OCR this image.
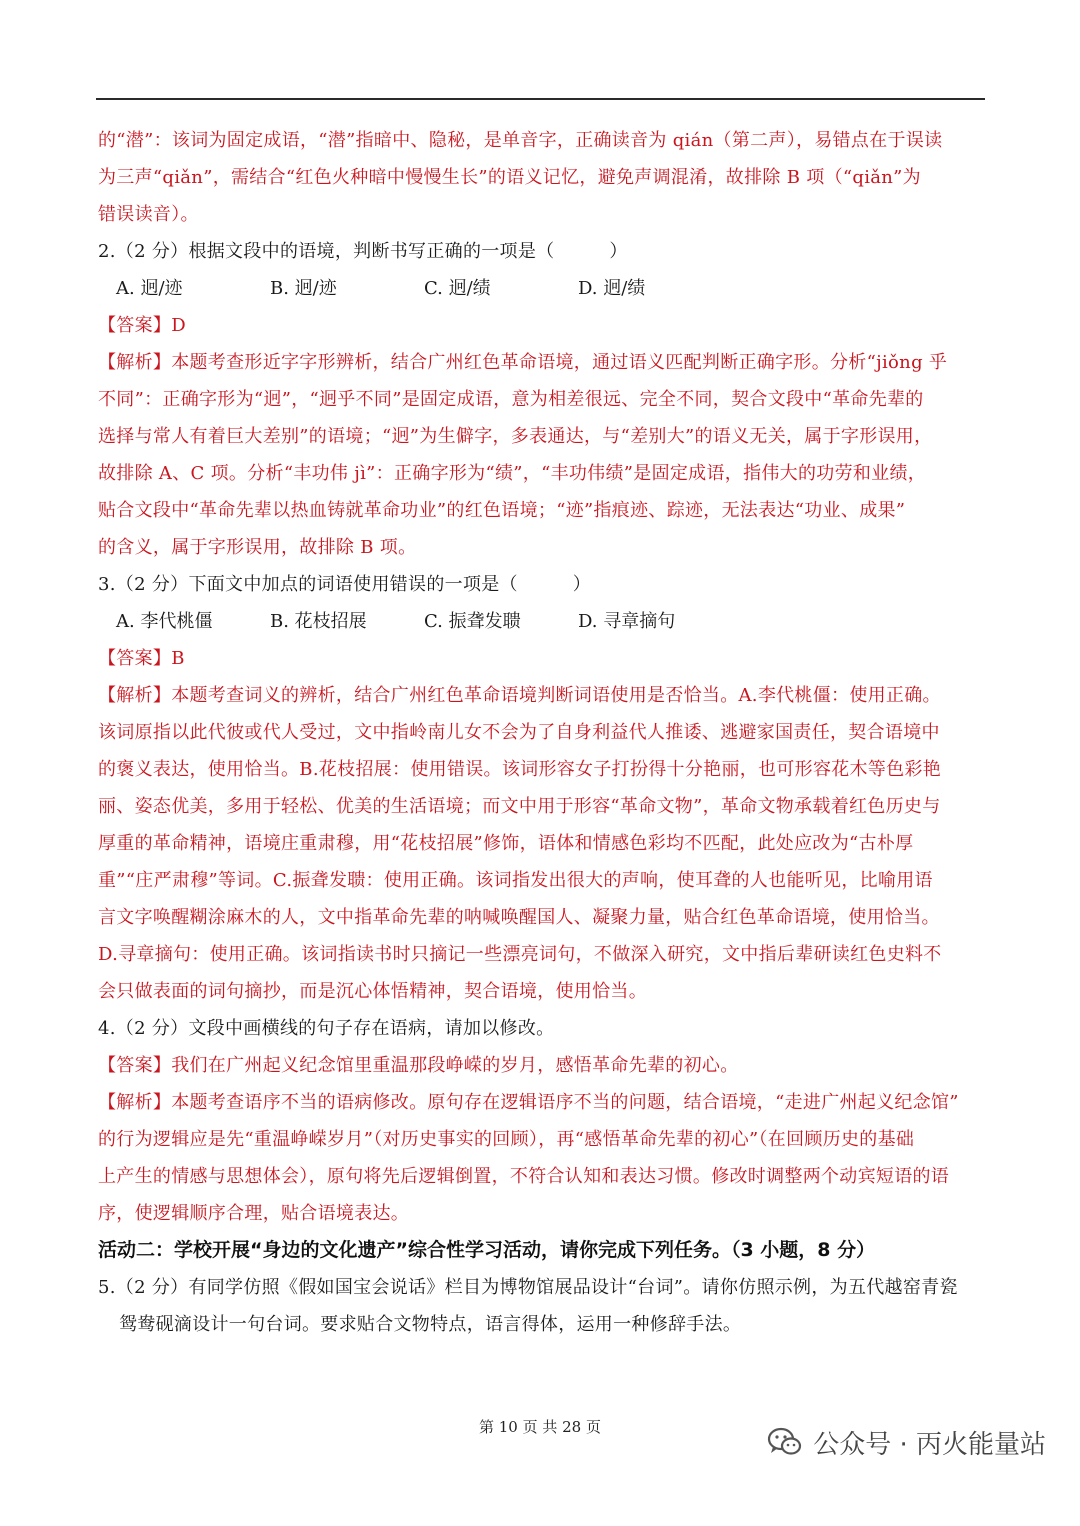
的“潜”：该词为固定成语，“潜”指暗中、隐秘，是单音字，正确读音为 qián（第二声），易错点在于误读
为三声“qiǎn”，需结合“红色火种暗中慢慢生长”的语义记忆，避免声调混淆，故排除 B 项（“qiǎn”为
错误读音）。
2.（2 分）根据文段中的语境，判断书写正确的一项是（　　　）
A. 迥/迹	B. 迥/迹	C. 迥/绩	D. 迥/绩
【答案】D
【解析】本题考查形近字字形辨析，结合广州红色革命语境，通过语义匹配判断正确字形。分析“jiǒng 乎
不同”：正确字形为“迥”，“迥乎不同”是固定成语，意为相差很远、完全不同，契合文段中“革命先辈的
选择与常人有着巨大差别”的语境；“迥”为生僻字，多表通达，与“差别大”的语义无关，属于字形误用，
故排除 A、C 项。分析“丰功伟 jì”：正确字形为“绩”，“丰功伟绩”是固定成语，指伟大的功劳和业绩，
贴合文段中“革命先辈以热血铸就革命功业”的红色语境；“迹”指痕迹、踪迹，无法表达“功业、成果”
的含义，属于字形误用，故排除 B 项。
3.（2 分）下面文中加点的词语使用错误的一项是（　　　）
A. 李代桃僵	B. 花枝招展	C. 振聋发聩	D. 寻章摘句
【答案】B
【解析】本题考查词义的辨析，结合广州红色革命语境判断词语使用是否恰当。A.李代桃僵：使用正确。
该词原指以此代彼或代人受过，文中指岭南儿女不会为了自身利益代人推诿、逃避家国责任，契合语境中
的褒义表达，使用恰当。B.花枝招展：使用错误。该词形容女子打扮得十分艳丽，也可形容花木等色彩艳
丽、姿态优美，多用于轻松、优美的生活语境；而文中用于形容“革命文物”，革命文物承载着红色历史与
厚重的革命精神，语境庄重肃穆，用“花枝招展”修饰，语体和情感色彩均不匹配，此处应改为“古朴厚
重”“庄严肃穆”等词。C.振聋发聩：使用正确。该词指发出很大的声响，使耳聋的人也能听见，比喻用语
言文字唤醒糊涂麻木的人，文中指革命先辈的呐喊唤醒国人、凝聚力量，贴合红色革命语境，使用恰当。
D.寻章摘句：使用正确。该词指读书时只摘记一些漂亮词句，不做深入研究，文中指后辈研读红色史料不
会只做表面的词句摘抄，而是沉心体悟精神，契合语境，使用恰当。
4.（2 分）文段中画横线的句子存在语病，请加以修改。
【答案】我们在广州起义纪念馆里重温那段峥嵘的岁月，感悟革命先辈的初心。
【解析】本题考查语序不当的语病修改。原句存在逻辑语序不当的问题，结合语境，“走进广州起义纪念馆”
的行为逻辑应是先“重温峥嵘岁月”（对历史事实的回顾），再“感悟革命先辈的初心”（在回顾历史的基础
上产生的情感与思想体会），原句将先后逻辑倒置，不符合认知和表达习惯。修改时调整两个动宾短语的语
序，使逻辑顺序合理，贴合语境表达。
活动二：学校开展“身边的文化遗产”综合性学习活动，请你完成下列任务。（3 小题，8 分）
5.（2 分）有同学仿照《假如国宝会说话》栏目为博物馆展品设计“台词”。请你仿照示例，为五代越窑青瓷
鸳鸯砚滴设计一句台词。要求贴合文物特点，语言得体，运用一种修辞手法。
第 10 页 共 28 页
公众号 · 丙火能量站
